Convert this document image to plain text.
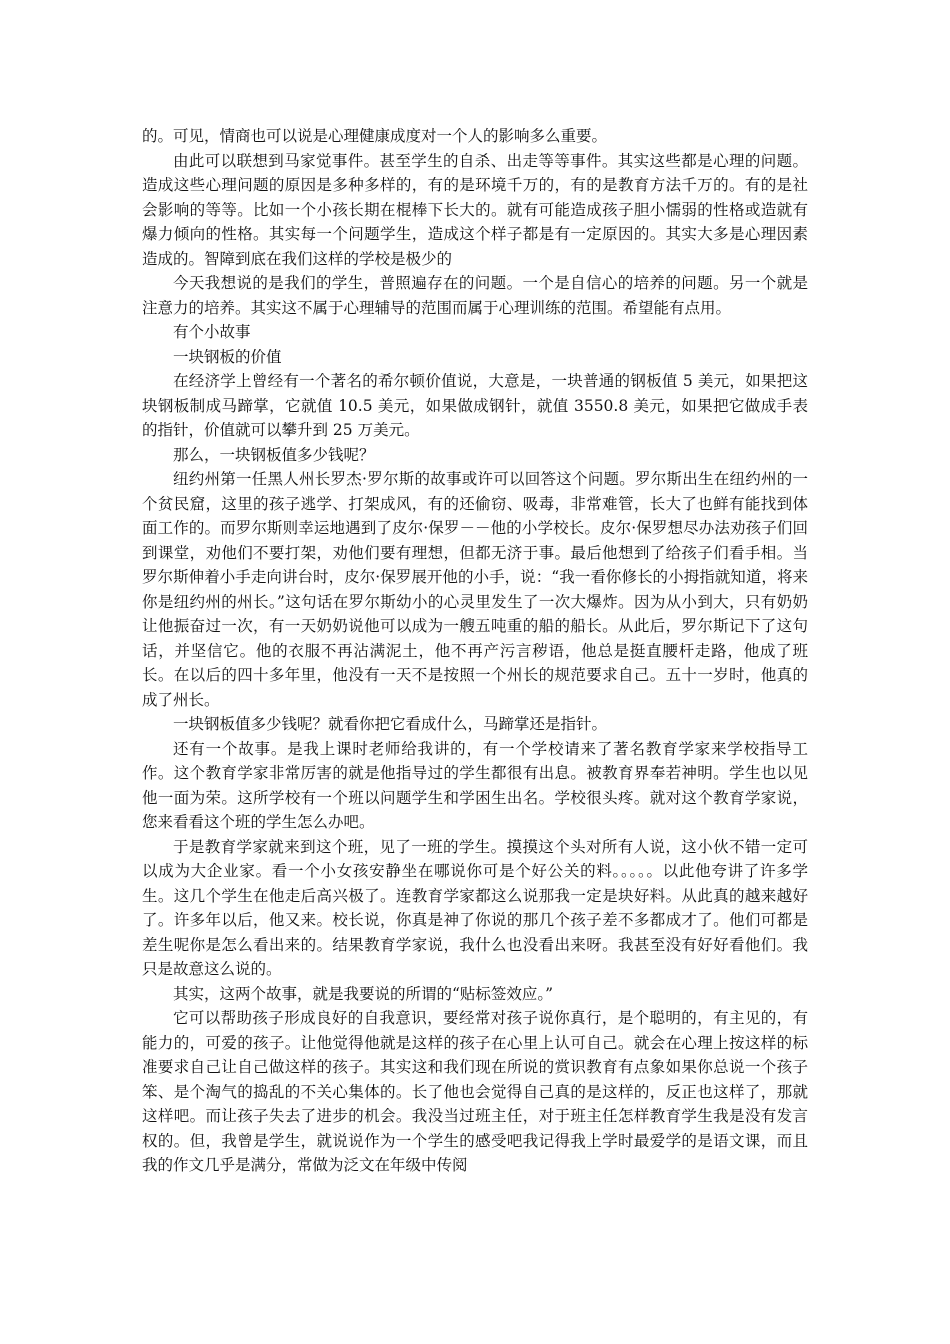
的。可见，情商也可以说是心理健康成度对一个人的影响多么重要。

由此可以联想到马家觉事件。甚至学生的自杀、出走等等事件。其实这些都是心理的问题。造成这些心理问题的原因是多种多样的，有的是环境千万的，有的是教育方法千万的。有的是社会影响的等等。比如一个小孩长期在棍棒下长大的。就有可能造成孩子胆小懦弱的性格或造就有爆力倾向的性格。其实每一个问题学生，造成这个样子都是有一定原因的。其实大多是心理因素造成的。智障到底在我们这样的学校是极少的

今天我想说的是我们的学生，普照遍存在的问题。一个是自信心的培养的问题。另一个就是注意力的培养。其实这不属于心理辅导的范围而属于心理训练的范围。希望能有点用。

有个小故事

一块钢板的价值

在经济学上曾经有一个著名的希尔顿价值说，大意是，一块普通的钢板值 5 美元，如果把这块钢板制成马蹄掌，它就值 10.5 美元，如果做成钢针，就值 3550.8 美元，如果把它做成手表的指针，价值就可以攀升到 25 万美元。

那么，一块钢板值多少钱呢？

纽约州第一任黑人州长罗杰·罗尔斯的故事或许可以回答这个问题。罗尔斯出生在纽约州的一个贫民窟，这里的孩子逃学、打架成风，有的还偷窃、吸毒，非常难管，长大了也鲜有能找到体面工作的。而罗尔斯则幸运地遇到了皮尔·保罗－－他的小学校长。皮尔·保罗想尽办法劝孩子们回到课堂，劝他们不要打架，劝他们要有理想，但都无济于事。最后他想到了给孩子们看手相。当罗尔斯伸着小手走向讲台时，皮尔·保罗展开他的小手，说：“我一看你修长的小拇指就知道，将来你是纽约州的州长。”这句话在罗尔斯幼小的心灵里发生了一次大爆炸。因为从小到大，只有奶奶让他振奋过一次，有一天奶奶说他可以成为一艘五吨重的船的船长。从此后，罗尔斯记下了这句话，并坚信它。他的衣服不再沾满泥土，他不再产污言秽语，他总是挺直腰杆走路，他成了班长。在以后的四十多年里，他没有一天不是按照一个州长的规范要求自己。五十一岁时，他真的成了州长。

一块钢板值多少钱呢？就看你把它看成什么，马蹄掌还是指针。

还有一个故事。是我上课时老师给我讲的，有一个学校请来了著名教育学家来学校指导工作。这个教育学家非常厉害的就是他指导过的学生都很有出息。被教育界奉若神明。学生也以见他一面为荣。这所学校有一个班以问题学生和学困生出名。学校很头疼。就对这个教育学家说，您来看看这个班的学生怎么办吧。

于是教育学家就来到这个班，见了一班的学生。摸摸这个头对所有人说，这小伙不错一定可以成为大企业家。看一个小女孩安静坐在哪说你可是个好公关的料。。。。。以此他夸讲了许多学生。这几个学生在他走后高兴极了。连教育学家都这么说那我一定是块好料。从此真的越来越好了。许多年以后，他又来。校长说，你真是神了你说的那几个孩子差不多都成才了。他们可都是差生呢你是怎么看出来的。结果教育学家说，我什么也没看出来呀。我甚至没有好好看他们。我只是故意这么说的。

其实，这两个故事，就是我要说的所谓的“贴标签效应。”

它可以帮助孩子形成良好的自我意识，要经常对孩子说你真行，是个聪明的，有主见的，有能力的，可爱的孩子。让他觉得他就是这样的孩子在心里上认可自己。就会在心理上按这样的标准要求自己让自己做这样的孩子。其实这和我们现在所说的赏识教育有点象如果你总说一个孩子笨、是个淘气的捣乱的不关心集体的。长了他也会觉得自己真的是这样的，反正也这样了，那就这样吧。而让孩子失去了进步的机会。我没当过班主任，对于班主任怎样教育学生我是没有发言权的。但，我曾是学生，就说说作为一个学生的感受吧我记得我上学时最爱学的是语文课，而且我的作文几乎是满分，常做为泛文在年级中传阅
